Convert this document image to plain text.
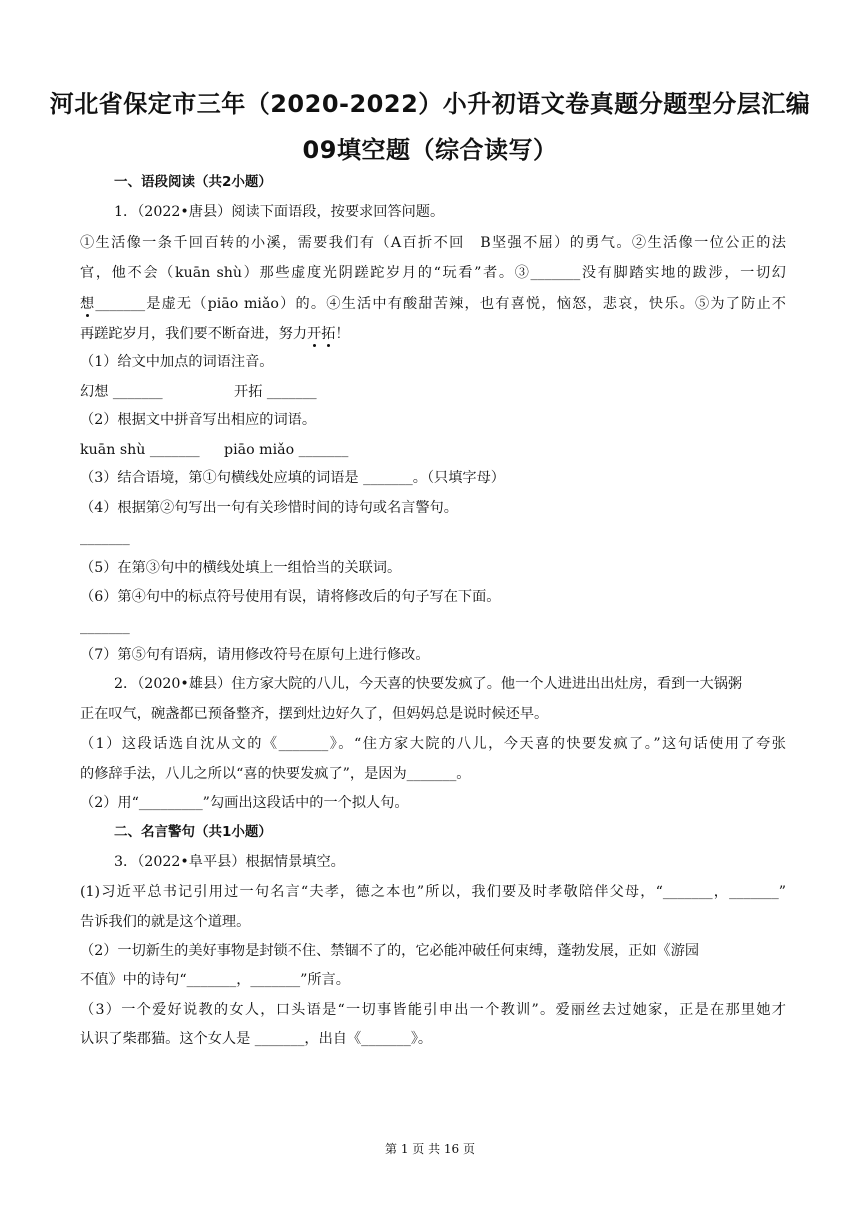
河北省保定市三年（2020-2022）小升初语文卷真题分题型分层汇编
09填空题（综合读写）
一、语段阅读（共2小题）
1．（2022•唐县）阅读下面语段，按要求回答问题。
①生活像一条千回百转的小溪，需要我们有（A百折不回　B坚强不屈）的勇气。②生活像一位公正的法
官，他不会（kuān shù）那些虚度光阴蹉跎岁月的“玩看”者。③_______没有脚踏实地的跋涉，一切幻
想_______是虚无（piāo miǎo）的。④生活中有酸甜苦辣，也有喜悦，恼怒，悲哀，快乐。⑤为了防止不
再蹉跎岁月，我们要不断奋进，努力开拓！
（1）给文中加点的词语注音。
幻想 _______	开拓 _______
（2）根据文中拼音写出相应的词语。
kuān shù _______ piāo miǎo _______
（3）结合语境，第①句横线处应填的词语是 _______。（只填字母）
（4）根据第②句写出一句有关珍惜时间的诗句或名言警句。
_______
（5）在第③句中的横线处填上一组恰当的关联词。
（6）第④句中的标点符号使用有误，请将修改后的句子写在下面。
_______
（7）第⑤句有语病，请用修改符号在原句上进行修改。
2．（2020•雄县）住方家大院的八儿，今天喜的快要发疯了。他一个人进进出出灶房，看到一大锅粥
正在叹气，碗盏都已预备整齐，摆到灶边好久了，但妈妈总是说时候还早。
（1）这段话选自沈从文的《_______》。“住方家大院的八儿，今天喜的快要发疯了。”这句话使用了夸张
的修辞手法，八儿之所以“喜的快要发疯了”，是因为_______。
（2）用“_________”勾画出这段话中的一个拟人句。
二、名言警句（共1小题）
3．（2022•阜平县）根据情景填空。
(1)习近平总书记引用过一句名言“夫孝，德之本也”所以，我们要及时孝敬陪伴父母，“_______，_______”
告诉我们的就是这个道理。
（2）一切新生的美好事物是封锁不住、禁锢不了的，它必能冲破任何束缚，蓬勃发展，正如《游园
不值》中的诗句“_______，_______”所言。
（3）一个爱好说教的女人，口头语是“一切事皆能引申出一个教训”。爱丽丝去过她家，正是在那里她才
认识了柴郡猫。这个女人是 _______，出自《_______》。
第 1 页 共 16 页
